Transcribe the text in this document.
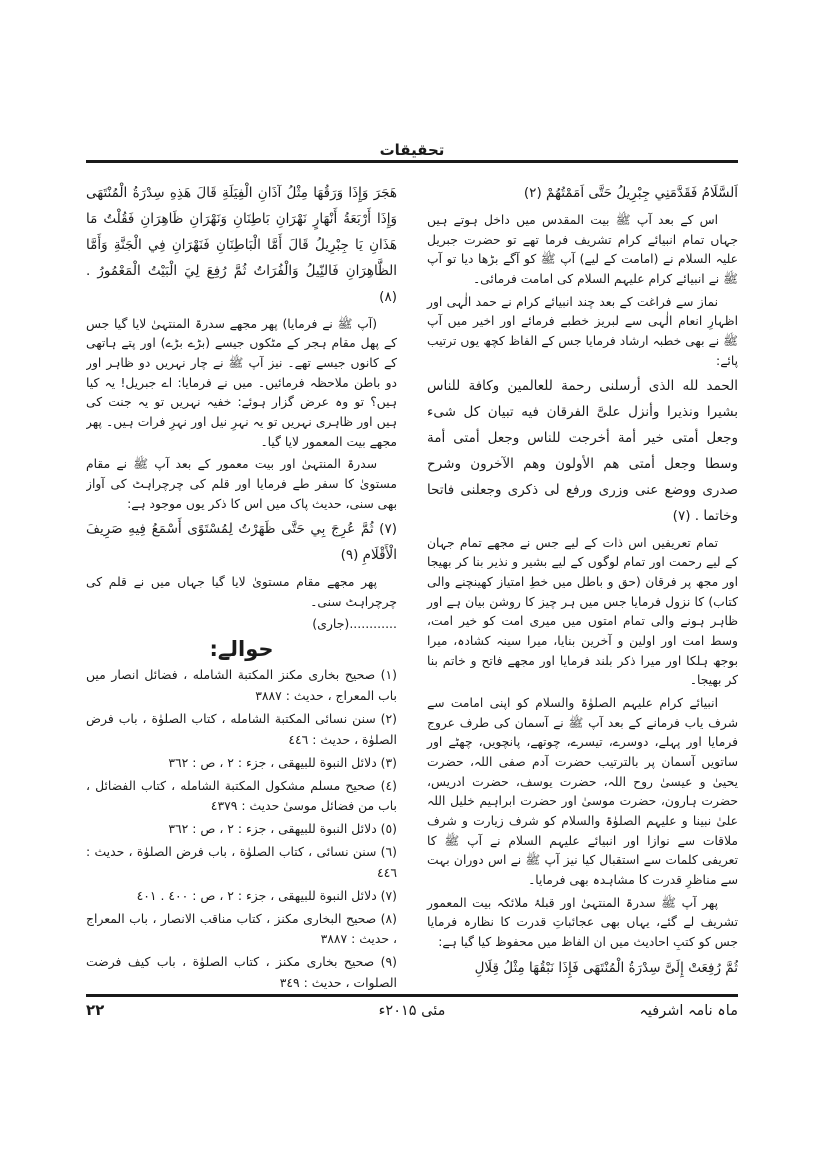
تحقیقات

اَلسَّلَامُ فَقَدَّمَنِي جِبْرِيلُ حَتَّى اَمَمْتُهُمْ (٢)

اس کے بعد آپ ﷺ بیت المقدس میں داخل ہوتے ہیں جہاں تمام انبیائے کرام تشریف فرما تھے تو حضرت جبریل علیہ السلام نے (امامت کے لیے) آپ ﷺ کو آگے بڑھا دیا تو آپ ﷺ نے انبیائے کرام علیہم السلام کی امامت فرمائی۔

نماز سے فراغت کے بعد چند انبیائے کرام نے حمد الٰہی اور اظہارِ انعام الٰہی سے لبریز خطبے فرمائے اور اخیر میں آپ ﷺ نے بھی خطبہ ارشاد فرمایا جس کے الفاظ کچھ یوں ترتیب پائے:

الحمد لله الذى أرسلنى رحمة للعالمين وكافة للناس بشيرا ونذيرا وأنزل علىَّ الفرقان فيه تبيان كل شىء وجعل أمتى خير أمة أخرجت للناس وجعل أمتى أمة وسطا وجعل أمتى هم الأولون وهم الآخرون وشرح صدرى ووضع عنى وزرى ورفع لى ذكرى وجعلنى فاتحا وخاتما . (٧)

تمام تعریفیں اس ذات کے لیے جس نے مجھے تمام جہان کے لیے رحمت اور تمام لوگوں کے لیے بشیر و نذیر بنا کر بھیجا اور مجھ پر فرقان (حق و باطل میں خطِ امتیاز کھینچنے والی کتاب) کا نزول فرمایا جس میں ہر چیز کا روشن بیان ہے اور ظاہر ہونے والی تمام امتوں میں میری امت کو خیر امت، وسط امت اور اولین و آخرین بنایا، میرا سینہ کشادہ، میرا بوجھ ہلکا اور میرا ذکر بلند فرمایا اور مجھے فاتح و خاتم بنا کر بھیجا۔

انبیائے کرام علیہم الصلوٰۃ والسلام کو اپنی امامت سے شرف یاب فرمانے کے بعد آپ ﷺ نے آسمان کی طرف عروج فرمایا اور پہلے، دوسرے، تیسرے، چوتھے، پانچویں، چھٹے اور ساتویں آسمان پر بالترتیب حضرت آدم صفی اللہ، حضرت یحییٰ و عیسیٰ روح اللہ، حضرت یوسف، حضرت ادریس، حضرت ہارون، حضرت موسیٰ اور حضرت ابراہیم خلیل اللہ علیٰ نبینا و علیہم الصلوٰۃ والسلام کو شرف زیارت و شرف ملاقات سے نوازا اور انبیائے علیہم السلام نے آپ ﷺ کا تعریفی کلمات سے استقبال کیا نیز آپ ﷺ نے اس دوران بہت سے مناظرِ قدرت کا مشاہدہ بھی فرمایا۔

پھر آپ ﷺ سدرۃ المنتہیٰ اور قبلۂ ملائکہ بیت المعمور تشریف لے گئے، یہاں بھی عجائباتِ قدرت کا نظارہ فرمایا جس کو کتبِ احادیث میں ان الفاظ میں محفوظ کیا گیا ہے:

ثُمَّ رُفِعَتْ إِلَىَّ سِدْرَةُ الْمُنْتَهَى فَإِذَا نَبْقُهَا مِثْلُ قِلَالِ

هَجَرَ وَإِذَا وَرَقُهَا مِثْلُ آذَانِ الْفِيَلَةِ قَالَ هَذِهِ سِدْرَةُ الْمُنْتَهَى وَإِذَا أَرْبَعَةُ أَنْهَارٍ نَهْرَانِ بَاطِنَانِ وَنَهْرَانِ ظَاهِرَانِ فَقُلْتُ مَا هَذَانِ يَا جِبْرِيلُ قَالَ أَمَّا الْبَاطِنَانِ فَنَهْرَانِ فِي الْجَنَّةِ وَأَمَّا الظَّاهِرَانِ فَالنِّيلُ وَالْفُرَاتُ ثُمَّ رُفِعَ لِيَ الْبَيْتُ الْمَعْمُورُ . (٨)

(آپ ﷺ نے فرمایا) پھر مجھے سدرۃ المنتہیٰ لایا گیا جس کے پھل مقام ہجر کے مٹکوں جیسے (بڑے بڑے) اور پتے ہاتھی کے کانوں جیسے تھے۔ نیز آپ ﷺ نے چار نہریں دو ظاہر اور دو باطن ملاحظہ فرمائیں۔ میں نے فرمایا: اے جبریل! یہ کیا ہیں؟ تو وہ عرض گزار ہوئے: خفیہ نہریں تو یہ جنت کی ہیں اور ظاہری نہریں تو یہ نہرِ نیل اور نہرِ فرات ہیں۔ پھر مجھے بیت المعمور لایا گیا۔

سدرۃ المنتہیٰ اور بیت معمور کے بعد آپ ﷺ نے مقام مستویٰ کا سفر طے فرمایا اور قلم کی چرچراہٹ کی آواز بھی سنی، حدیث پاک میں اس کا ذکر یوں موجود ہے:

(٧) ثُمَّ عُرِجَ بِي حَتَّى ظَهَرْتُ لِمُسْتَوًى أَسْمَعُ فِيهِ صَرِيفَ الْأَقْلَامِ (٩)

پھر مجھے مقام مستویٰ لایا گیا جہاں میں نے قلم کی چرچراہٹ سنی۔

............(جاری)

حوالے:

(١) صحيح بخارى مكنز المكتبة الشامله ، فضائل انصار ميں باب المعراج ، حديث : ٣٨٨٧

(٢) سنن نسائى المكتبة الشامله ، كتاب الصلوٰة ، باب فرض الصلوٰة ، حديث : ٤٤٦

(٣) دلائل النبوة للبيهقى ، جزء : ٢ ، ص : ٣٦٢

(٤) صحيح مسلم مشكول المكتبة الشامله ، كتاب الفضائل ، باب من فضائل موسىٰ حديث : ٤٣٧٩

(٥) دلائل النبوة للبيهقى ، جزء : ٢ ، ص : ٣٦٢

(٦) سنن نسائى ، كتاب الصلوٰة ، باب فرض الصلوٰة ، حديث : ٤٤٦

(٧) دلائل النبوة للبيهقى ، جزء : ٢ ، ص : ٤٠٠ . ٤٠١

(٨) صحيح البخارى مكنز ، كتاب مناقب الانصار ، باب المعراج ، حديث : ٣٨٨٧

(٩) صحيح بخارى مكنز ، كتاب الصلوٰة ، باب كيف فرضت الصلوات ، حديث : ٣٤٩

ماہ نامہ اشرفیہ
مئی ۲۰۱۵ء
۲۲
